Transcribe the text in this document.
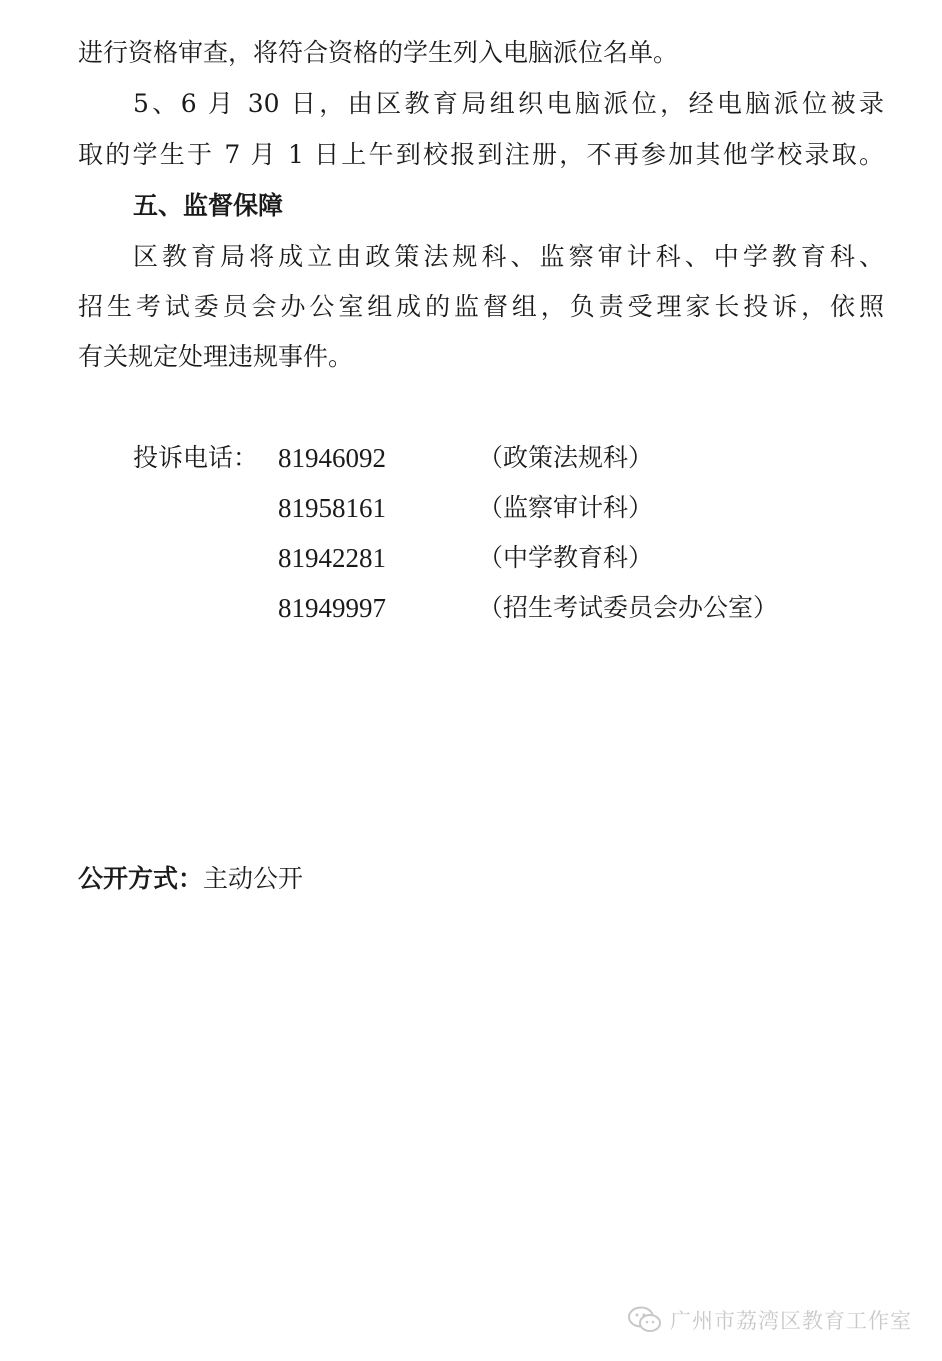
进行资格审查，将符合资格的学生列入电脑派位名单。
5、6 月 30 日，由区教育局组织电脑派位，经电脑派位被录
取的学生于 7 月 1 日上午到校报到注册，不再参加其他学校录取。
五、监督保障
区教育局将成立由政策法规科、监察审计科、中学教育科、
招生考试委员会办公室组成的监督组，负责受理家长投诉，依照
有关规定处理违规事件。
投诉电话： 81946092	（政策法规科）
81958161	（监察审计科）
81942281	（中学教育科）
81949997	（招生考试委员会办公室）
公开方式：主动公开
广州市荔湾区教育工作室
